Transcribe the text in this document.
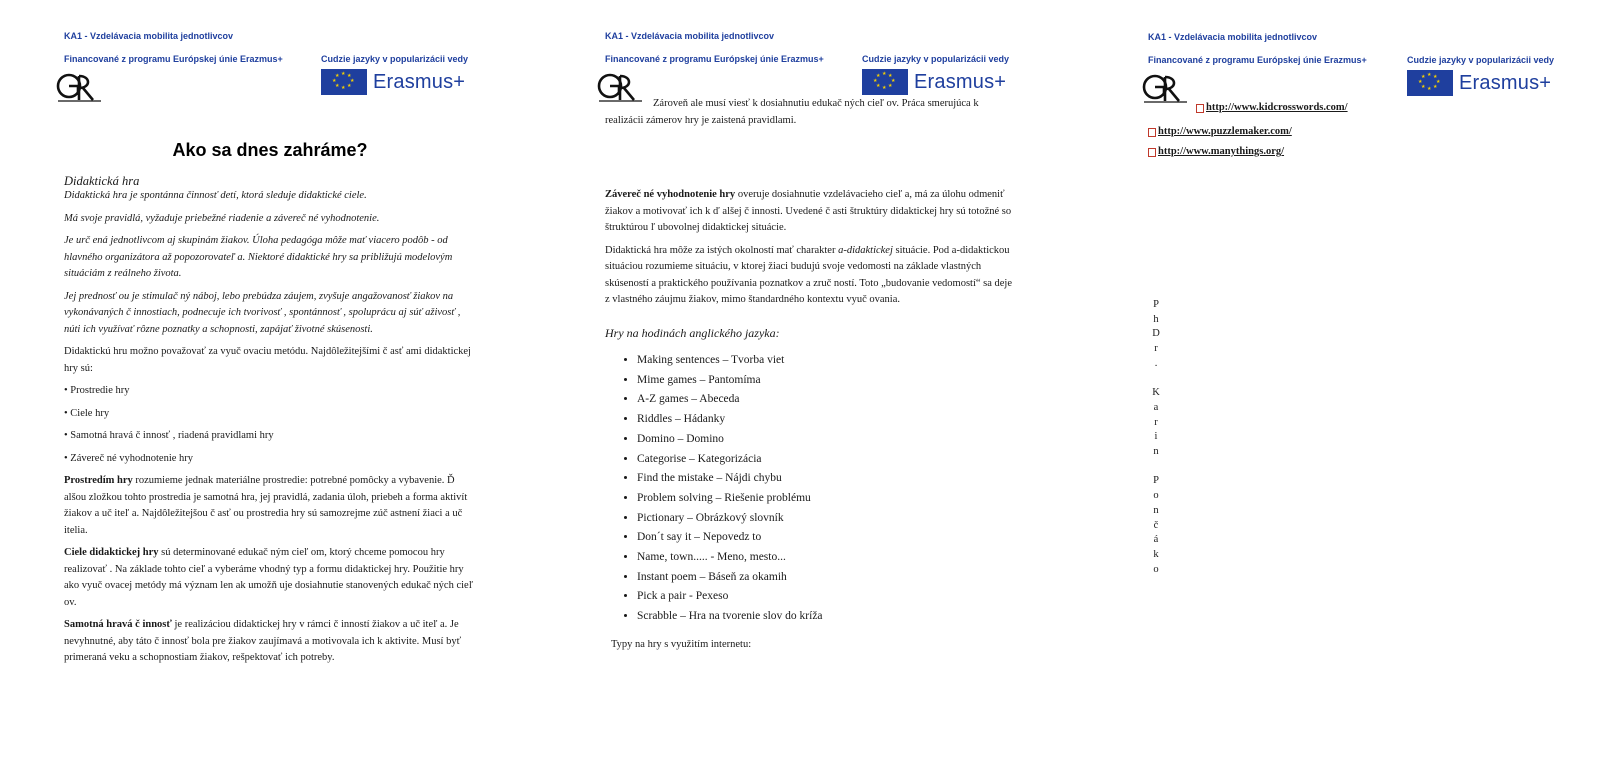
KA1 - Vzdelávacia mobilita jednotlivcov
Financované z programu Európskej únie Erazmus+	Cudzie jazyky v popularizácii vedy
★ ★
★
★
★
★
★
★ Erasmus+
Ako sa dnes zahráme?

Didaktická hra

Didaktická hra je spontánna činnosť detí, ktorá sleduje didaktické ciele.

Má svoje pravidlá, vyžaduje priebežné riadenie a závereč né vyhodnotenie.

Je urč ená jednotlivcom aj skupinám žiakov. Úloha pedagóga môže mať viacero podôb - od hlavného organizátora až popozorovateľ a. Niektoré didaktické hry sa približujú modelovým situáciám z reálneho života.

Jej prednosť ou je stimulač ný náboj, lebo prebúdza záujem, zvyšuje angažovanosť žiakov na vykonávaných č innostiach, podnecuje ich tvorivosť , spontánnosť , spoluprácu aj súť aživosť , núti ich využívať rôzne poznatky a schopnosti, zapájať životné skúsenosti.

Didaktickú hru možno považovať za vyuč ovaciu metódu. Najdôležitejšími č asť ami didaktickej hry sú:

• Prostredie hry

• Ciele hry

• Samotná hravá č innosť , riadená pravidlami hry

• Závereč né vyhodnotenie hry

Prostredím hry rozumieme jednak materiálne prostredie: potrebné pomôcky a vybavenie. Ď alšou zložkou tohto prostredia je samotná hra, jej pravidlá, zadania úloh, priebeh a forma aktivít žiakov a uč iteľ a. Najdôležitejšou č asť ou prostredia hry sú samozrejme zúč astnení žiaci a uč itelia.

Ciele didaktickej hry sú determinované edukač ným cieľ om, ktorý chceme pomocou hry realizovať . Na základe tohto cieľ a vyberáme vhodný typ a formu didaktickej hry. Použitie hry ako vyuč ovacej metódy má význam len ak umožň uje dosiahnutie stanovených edukač ných cieľ ov.

Samotná hravá č innosť je realizáciou didaktickej hry v rámci č inností žiakov a uč iteľ a. Je nevyhnutné, aby táto č innosť bola pre žiakov zaujímavá a motivovala ich k aktivite. Musí byť primeraná veku a schopnostiam žiakov, rešpektovať ich potreby.

KA1 - Vzdelávacia mobilita jednotlivcov
Financované z programu Európskej únie Erazmus+	Cudzie jazyky v popularizácii vedy
★ ★
★
★
★
★
★
★ Erasmus+

Zároveň ale musí viesť k dosiahnutiu edukač ných cieľ ov. Práca smerujúca k realizácii zámerov hry je zaistená pravidlami.

Závereč né vyhodnotenie hry overuje dosiahnutie vzdelávacieho cieľ a, má za úlohu odmeniť žiakov a motivovať ich k ď alšej č innosti. Uvedené č asti štruktúry didaktickej hry sú totožné so štruktúrou ľ ubovolnej didaktickej situácie.

Didaktická hra môže za istých okolností mať charakter a-didaktickej situácie. Pod a-didaktickou situáciou rozumieme situáciu, v ktorej žiaci budujú svoje vedomosti na základe vlastných skúseností a praktického používania poznatkov a zruč ností. Toto „budovanie vedomostí“ sa deje z vlastného záujmu žiakov, mimo štandardného kontextu vyuč ovania.

Hry na hodinách anglického jazyka:

• Making sentences – Tvorba viet
• Mime games – Pantomíma
• A-Z games – Abeceda
• Riddles – Hádanky
• Domino – Domino
• Categorise – Kategorizácia
• Find the mistake – Nájdi chybu
• Problem solving – Riešenie problému
• Pictionary – Obrázkový slovník
• Don´t say it – Nepovedz to
• Name, town..... - Meno, mesto...
• Instant poem – Báseň za okamih
• Pick a pair - Pexeso
• Scrabble – Hra na tvorenie slov do kríža

Typy na hry s využitím internetu:

KA1 - Vzdelávacia mobilita jednotlivcov
Financované z programu Európskej únie Erazmus+	Cudzie jazyky v popularizácii vedy
★ ★
★
★
★
★
★
★ Erasmus+
http://www.kidcrosswords.com/
http://www.puzzlemaker.com/
http://www.manythings.org/
P
h
D
r
.
K
a
r
i
n
P
o
n
č
á
k
o
